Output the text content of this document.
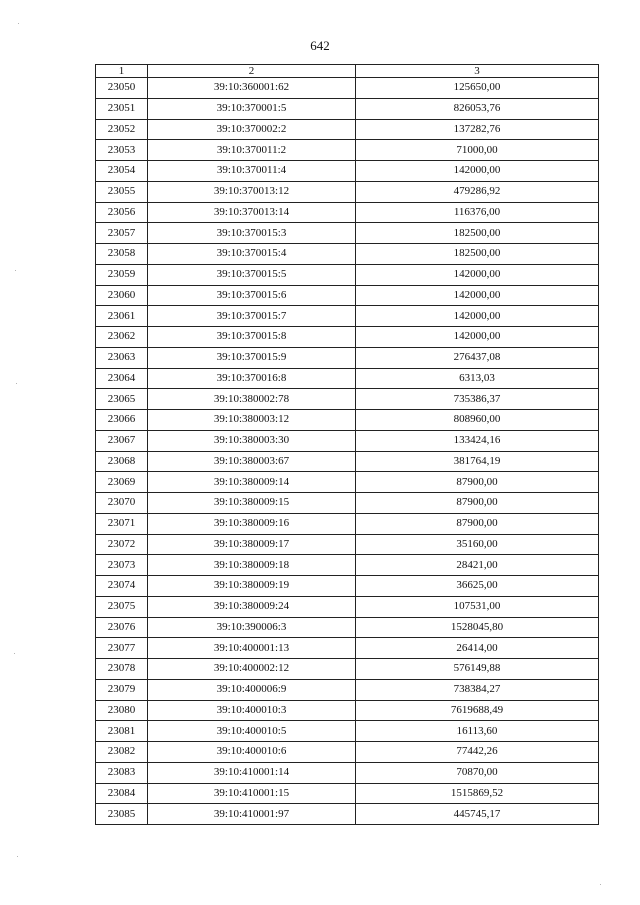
642
1	2	3
23050	39:10:360001:62	125650,00
23051	39:10:370001:5	826053,76
23052	39:10:370002:2	137282,76
23053	39:10:370011:2	71000,00
23054	39:10:370011:4	142000,00
23055	39:10:370013:12	479286,92
23056	39:10:370013:14	116376,00
23057	39:10:370015:3	182500,00
23058	39:10:370015:4	182500,00
23059	39:10:370015:5	142000,00
23060	39:10:370015:6	142000,00
23061	39:10:370015:7	142000,00
23062	39:10:370015:8	142000,00
23063	39:10:370015:9	276437,08
23064	39:10:370016:8	6313,03
23065	39:10:380002:78	735386,37
23066	39:10:380003:12	808960,00
23067	39:10:380003:30	133424,16
23068	39:10:380003:67	381764,19
23069	39:10:380009:14	87900,00
23070	39:10:380009:15	87900,00
23071	39:10:380009:16	87900,00
23072	39:10:380009:17	35160,00
23073	39:10:380009:18	28421,00
23074	39:10:380009:19	36625,00
23075	39:10:380009:24	107531,00
23076	39:10:390006:3	1528045,80
23077	39:10:400001:13	26414,00
23078	39:10:400002:12	576149,88
23079	39:10:400006:9	738384,27
23080	39:10:400010:3	7619688,49
23081	39:10:400010:5	16113,60
23082	39:10:400010:6	77442,26
23083	39:10:410001:14	70870,00
23084	39:10:410001:15	1515869,52
23085	39:10:410001:97	445745,17
